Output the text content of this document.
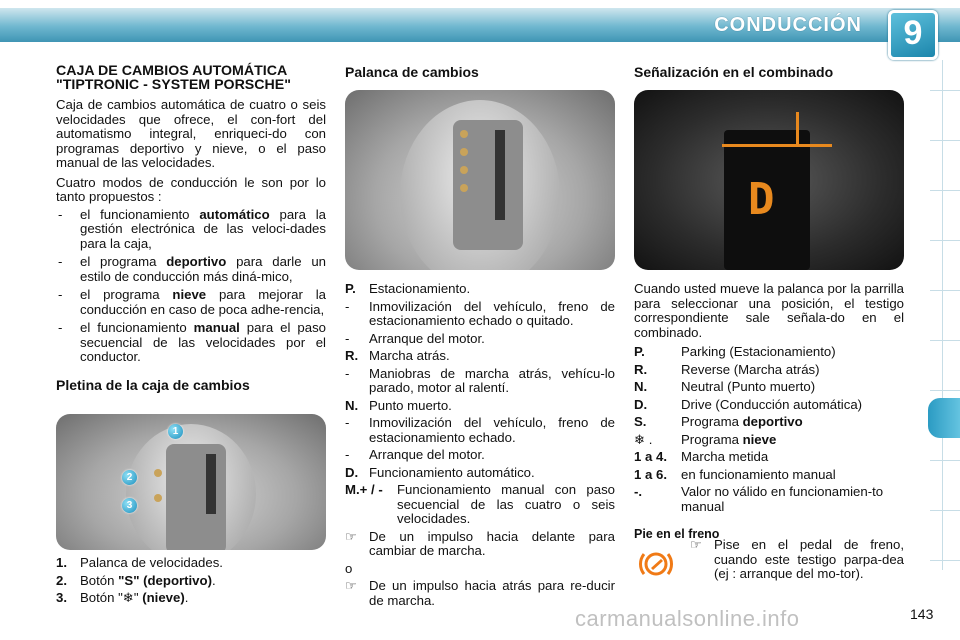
CONDUCCIÓN	9
CAJA DE CAMBIOS AUTOMÁTICA "TIPTRONIC - SYSTEM PORSCHE"

Caja de cambios automática de cuatro o seis velocidades que ofrece, el con-fort del automatismo integral, enriqueci-do con programas deportivo y nieve, o el paso manual de las velocidades.

Cuatro modos de conducción le son por lo tanto propuestos :

- el funcionamiento automático para la gestión electrónica de las veloci-dades para la caja,
- el programa deportivo para darle un estilo de conducción más diná-mico,
- el programa nieve para mejorar la conducción en caso de poca adhe-rencia,
- el funcionamiento manual para el paso secuencial de las velocidades por el conductor.
Pletina de la caja de cambios
1
2
3
1. Palanca de velocidades.
2. Botón "S" (deportivo).
3. Botón "❄" (nieve).
Palanca de cambios
P. Estacionamiento.
- Inmovilización del vehículo, freno de estacionamiento echado o quitado.
- Arranque del motor.
R. Marcha atrás.
- Maniobras de marcha atrás, vehícu-lo parado, motor al ralentí.
N. Punto muerto.
- Inmovilización del vehículo, freno de estacionamiento echado.
- Arranque del motor.
D. Funcionamiento automático.
M.+ / - Funcionamiento manual con paso secuencial de las cuatro o seis velocidades.
☞ De un impulso hacia delante para cambiar de marcha.
o
☞ De un impulso hacia atrás para re-ducir de marcha.
Señalización en el combinado
D

Cuando usted mueve la palanca por la parrilla para seleccionar una posición, el testigo correspondiente sale señala-do en el combinado.

P.	Parking (Estacionamiento)
R.	Reverse (Marcha atrás)
N.	Neutral (Punto muerto)
D.	Drive (Conducción automática)
S.	Programa deportivo
❄ . Programa nieve
1 a 4. Marcha metida
1 a 6. en funcionamiento manual
-.	Valor no válido en funcionamien-to manual
Pie en el freno
☞ Pise en el pedal de freno, cuando este testigo parpa-dea (ej : arranque del mo-tor).
carmanualsonline.info	143
